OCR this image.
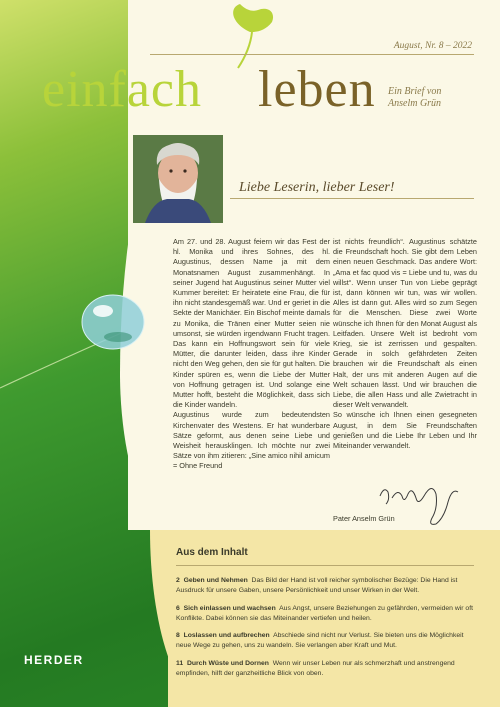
August, Nr. 8 – 2022
einfach leben Ein Brief von
Anselm Grün
Liebe Leserin, lieber Leser!

Am 27. und 28. August feiern wir das Fest der hl. Monika und ihres Sohnes, des hl. Augustinus, dessen Name ja mit dem Monatsnamen August zusammenhängt. In seiner Jugend hat Augustinus seiner Mutter viel Kummer bereitet: Er heiratete eine Frau, die für ihn nicht standesgemäß war. Und er geriet in die Sekte der Manichäer. Ein Bischof meinte damals zu Monika, die Tränen einer Mutter seien nie umsonst, sie würden irgendwann Frucht tragen. Das kann ein Hoffnungswort sein für viele Mütter, die darunter leiden, dass ihre Kinder nicht den Weg gehen, den sie für gut halten. Die Kinder spüren es, wenn die Liebe der Mutter von Hoffnung getragen ist. Und solange eine Mutter hofft, besteht die Möglichkeit, dass sich die Kinder wandeln.

Augustinus wurde zum bedeutendsten Kirchenvater des Westens. Er hat wunderbare Sätze geformt, aus denen seine Liebe und Weisheit herausklingen. Ich möchte nur zwei Sätze von ihm zitieren: „Sine amico nihil amicum = Ohne Freund

ist nichts freundlich“. Augustinus schätzte die Freundschaft hoch. Sie gibt dem Leben einen neuen Geschmack. Das andere Wort: „Ama et fac quod vis = Liebe und tu, was du willst“. Wenn unser Tun von Liebe geprägt ist, dann können wir tun, was wir wollen. Alles ist dann gut. Alles wird so zum Segen für die Menschen. Diese zwei Worte wünsche ich Ihnen für den Monat August als Leitfaden. Unsere Welt ist bedroht vom Krieg, sie ist zerrissen und gespalten. Gerade in solch gefährdeten Zeiten brauchen wir die Freundschaft als einen Halt, der uns mit anderen Augen auf die Welt schauen lässt. Und wir brauchen die Liebe, die allen Hass und alle Zwietracht in dieser Welt verwandelt.

So wünsche ich Ihnen einen gesegneten August, in dem Sie Freundschaften genießen und die Liebe Ihr Leben und Ihr Miteinander verwandelt.

Pater Anselm Grün
Aus dem Inhalt
2 Geben und Nehmen Das Bild der Hand ist voll reicher symbolischer Bezüge: Die Hand ist Ausdruck für unsere Gaben, unsere Persönlichkeit und unser Wirken in der Welt.
6 Sich einlassen und wachsen Aus Angst, unsere Beziehungen zu gefährden, vermeiden wir oft Konflikte. Dabei können sie das Miteinander vertiefen und heilen.
8 Loslassen und aufbrechen Abschiede sind nicht nur Verlust. Sie bieten uns die Möglichkeit neue Wege zu gehen, uns zu wandeln. Sie verlangen aber Kraft und Mut.
11 Durch Wüste und Dornen Wenn wir unser Leben nur als schmerzhaft und anstrengend empfinden, hilft der ganzheitliche Blick von oben.
HERDER
